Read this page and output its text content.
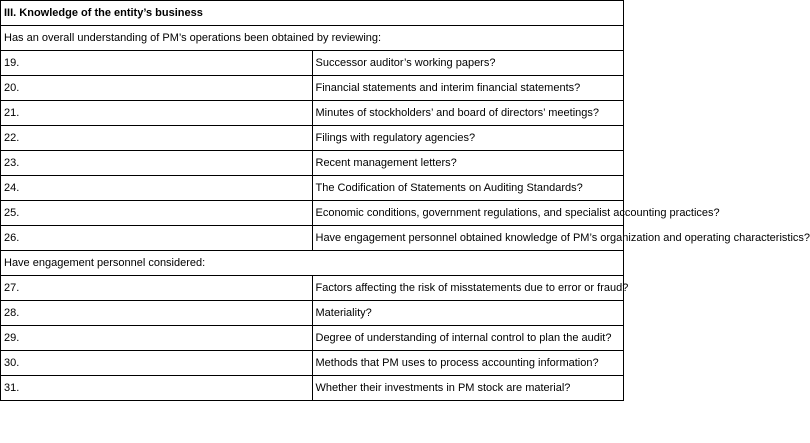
III. Knowledge of the entity’s business	
Has an overall understanding of PM’s operations been obtained by reviewing:	
19.	Successor auditor’s working papers?
20.	Financial statements and interim financial statements?
21.	Minutes of stockholders’ and board of directors’ meetings?
22.	Filings with regulatory agencies?
23.	Recent management letters?
24.	The Codification of Statements on Auditing Standards?
25.	Economic conditions, government regulations, and specialist accounting practices?
26.	Have engagement personnel obtained knowledge of PM’s organization and operating characteristics?
Have engagement personnel considered:	
27.	Factors affecting the risk of misstatements due to error or fraud?
28.	Materiality?
29.	Degree of understanding of internal control to plan the audit?
30.	Methods that PM uses to process accounting information?
31.	Whether their investments in PM stock are material?
